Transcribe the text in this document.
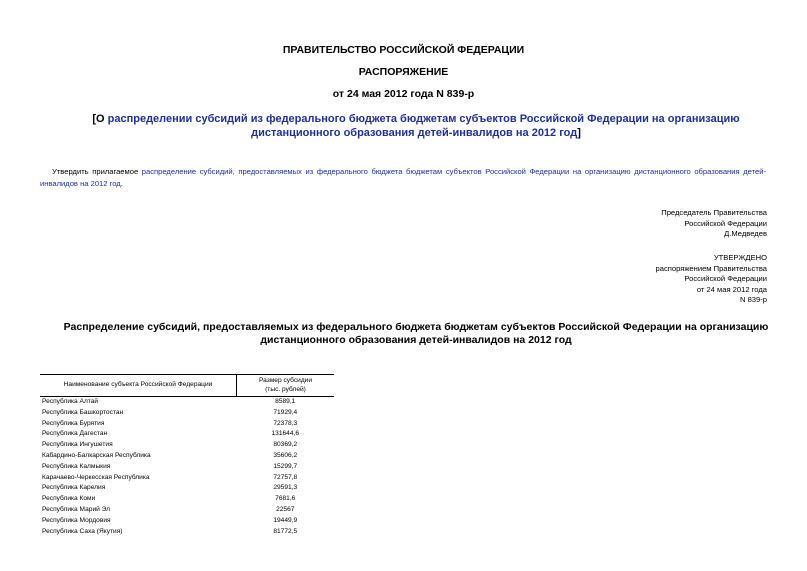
ПРАВИТЕЛЬСТВО РОССИЙСКОЙ ФЕДЕРАЦИИ
РАСПОРЯЖЕНИЕ
от 24 мая 2012 года N 839-р
[О распределении субсидий из федерального бюджета бюджетам субъектов Российской Федерации на организацию дистанционного образования детей-инвалидов на 2012 год]
Утвердить прилагаемое распределение субсидий, предоставляемых из федерального бюджета бюджетам субъектов Российской Федерации на организацию дистанционного образования детей-инвалидов на 2012 год.
Председатель Правительства
Российской Федерации
Д.Медведев
УТВЕРЖДЕНО
распоряжением Правительства
Российской Федерации
от 24 мая 2012 года
N 839-р
Распределение субсидий, предоставляемых из федерального бюджета бюджетам субъектов Российской Федерации на организацию дистанционного образования детей-инвалидов на 2012 год
Наименование субъекта Российской Федерации	Размер субсидии
(тыс. рублей)

Республика Алтай	8589,1
Республика Башкортостан	71929,4
Республика Бурятия	72378,3
Республика Дагестан	131644,6
Республика Ингушетия	80369,2
Кабардино-Балкарская Республика	35606,2
Республика Калмыкия	15299,7
Карачаево-Черкесская Республика	72757,8
Республика Карелия	29591,3
Республика Коми	7681,6
Республика Марий Эл	22567
Республика Мордовия	19449,9
Республика Саха (Якутия)	81772,5
